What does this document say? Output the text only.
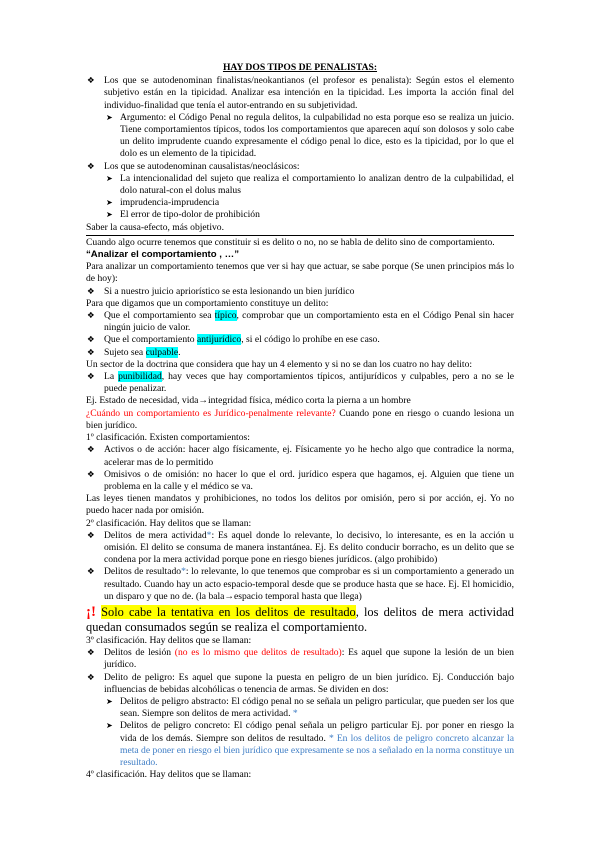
HAY DOS TIPOS DE PENALISTAS:
❖ Los que se autodenominan finalistas/neokantianos (el profesor es penalista): Según estos el elemento subjetivo están en la tipicidad. Analizar esa intención en la tipicidad. Les importa la acción final del individuo-finalidad que tenía el autor-entrando en su subjetividad.
➤ Argumento: el Código Penal no regula delitos, la culpabilidad no esta porque eso se realiza un juicio. Tiene comportamientos típicos, todos los comportamientos que aparecen aquí son dolosos y solo cabe un delito imprudente cuando expresamente el código penal lo dice, esto es la tipicidad, por lo que el dolo es un elemento de la tipicidad.
❖ Los que se autodenominan causalistas/neoclásicos:
➤ La intencionalidad del sujeto que realiza el comportamiento lo analizan dentro de la culpabilidad, el dolo natural-con el dolus malus
➤ imprudencia-imprudencia
➤ El error de tipo-dolor de prohibición
Saber la causa-efecto, más objetivo.
Cuando algo ocurre tenemos que constituir si es delito o no, no se habla de delito sino de comportamiento.
“Analizar el comportamiento , …”
Para analizar un comportamiento tenemos que ver si hay que actuar, se sabe porque (Se unen principios más lo de hoy):
❖ Si a nuestro juicio apriorístico se esta lesionando un bien jurídico
Para que digamos que un comportamiento constituye un delito:
❖ Que el comportamiento sea típico, comprobar que un comportamiento esta en el Código Penal sin hacer ningún juicio de valor.
❖ Que el comportamiento antijurídico, si el código lo prohíbe en ese caso.
❖ Sujeto sea culpable.
Un sector de la doctrina que considera que hay un 4 elemento y si no se dan los cuatro no hay delito:
❖ La punibilidad, hay veces que hay comportamientos típicos, antijurídicos y culpables, pero a no se le puede penalizar.
Ej. Estado de necesidad, vida→integridad física, médico corta la pierna a un hombre
¿Cuándo un comportamiento es Jurídico-penalmente relevante? Cuando pone en riesgo o cuando lesiona un bien jurídico.
1º clasificación. Existen comportamientos:
❖ Activos o de acción: hacer algo físicamente, ej. Físicamente yo he hecho algo que contradice la norma, acelerar mas de lo permitido
❖ Omisivos o de omisión: no hacer lo que el ord. jurídico espera que hagamos, ej. Alguien que tiene un problema en la calle y el médico se va.
Las leyes tienen mandatos y prohibiciones, no todos los delitos por omisión, pero si por acción, ej. Yo no puedo hacer nada por omisión.
2º clasificación. Hay delitos que se llaman:
❖ Delitos de mera actividad*: Es aquel donde lo relevante, lo decisivo, lo interesante, es en la acción u omisión. El delito se consuma de manera instantánea. Ej. Es delito conducir borracho, es un delito que se condena por la mera actividad porque pone en riesgo bienes jurídicos. (algo prohibido)
❖ Delitos de resultado*: lo relevante, lo que tenemos que comprobar es si un comportamiento a generado un resultado. Cuando hay un acto espacio-temporal desde que se produce hasta que se hace. Ej. El homicidio, un disparo y que no de. (la bala→espacio temporal hasta que llega)
¡! Solo cabe la tentativa en los delitos de resultado, los delitos de mera actividad quedan consumados según se realiza el comportamiento.
3º clasificación. Hay delitos que se llaman:
❖ Delitos de lesión (no es lo mismo que delitos de resultado): Es aquel que supone la lesión de un bien jurídico.
❖ Delito de peligro: Es aquel que supone la puesta en peligro de un bien jurídico. Ej. Conducción bajo influencias de bebidas alcohólicas o tenencia de armas. Se dividen en dos:
➤ Delitos de peligro abstracto: El código penal no se señala un peligro particular, que pueden ser los que sean. Siempre son delitos de mera actividad. *
➤ Delitos de peligro concreto: El código penal señala un peligro particular Ej. por poner en riesgo la vida de los demás. Siempre son delitos de resultado. * En los delitos de peligro concreto alcanzar la meta de poner en riesgo el bien jurídico que expresamente se nos a señalado en la norma constituye un resultado.
4º clasificación. Hay delitos que se llaman:
